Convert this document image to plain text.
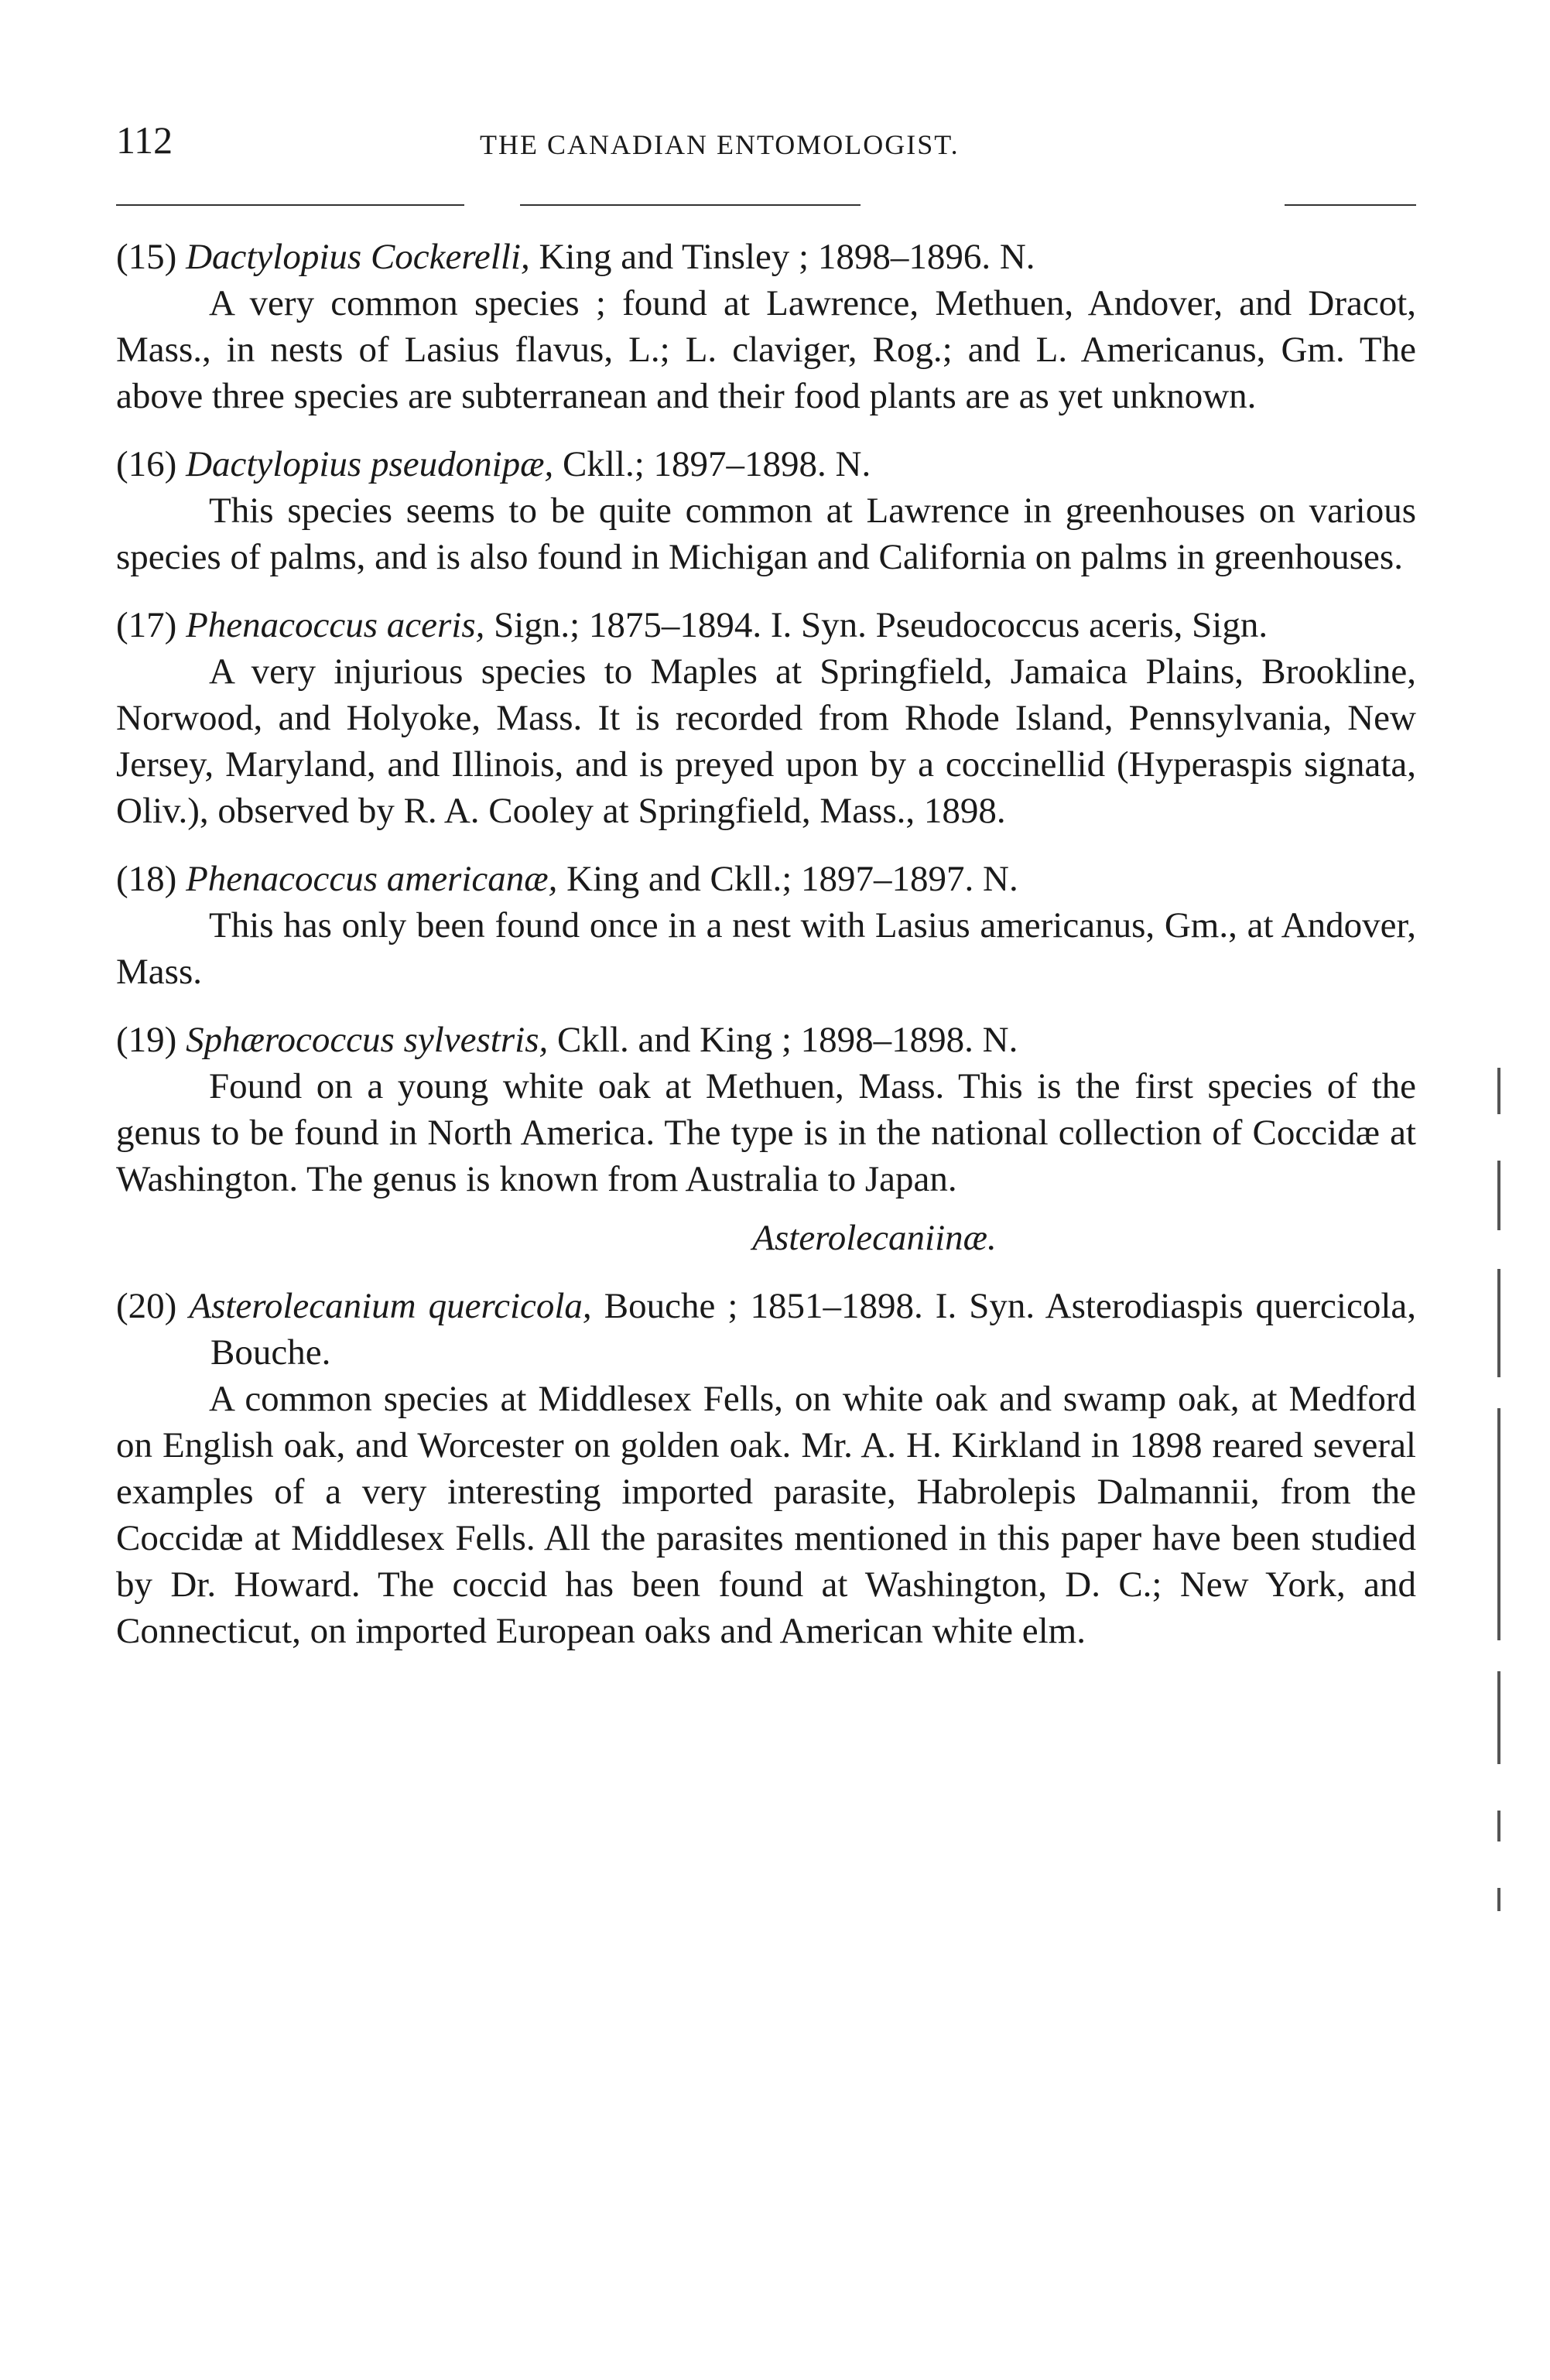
112	THE CANADIAN ENTOMOLOGIST.

(15) Dactylopius Cockerelli, King and Tinsley ; 1898–1896. N.

A very common species ; found at Lawrence, Methuen, Andover, and Dracot, Mass., in nests of Lasius flavus, L.; L. claviger, Rog.; and L. Americanus, Gm. The above three species are subterranean and their food plants are as yet unknown.

(16) Dactylopius pseudonipæ, Ckll.; 1897–1898. N.

This species seems to be quite common at Lawrence in greenhouses on various species of palms, and is also found in Michigan and California on palms in greenhouses.

(17) Phenacoccus aceris, Sign.; 1875–1894. I. Syn. Pseudococcus aceris, Sign.

A very injurious species to Maples at Springfield, Jamaica Plains, Brookline, Norwood, and Holyoke, Mass. It is recorded from Rhode Island, Pennsylvania, New Jersey, Maryland, and Illinois, and is preyed upon by a coccinellid (Hyperaspis signata, Oliv.), observed by R. A. Cooley at Springfield, Mass., 1898.

(18) Phenacoccus americanæ, King and Ckll.; 1897–1897. N.

This has only been found once in a nest with Lasius americanus, Gm., at Andover, Mass.

(19) Sphærococcus sylvestris, Ckll. and King ; 1898–1898. N.

Found on a young white oak at Methuen, Mass. This is the first species of the genus to be found in North America. The type is in the national collection of Coccidæ at Washington. The genus is known from Australia to Japan.

Asterolecaniinæ.

(20) Asterolecanium quercicola, Bouche ; 1851–1898. I. Syn. Asterodiaspis quercicola, Bouche.

A common species at Middlesex Fells, on white oak and swamp oak, at Medford on English oak, and Worcester on golden oak. Mr. A. H. Kirkland in 1898 reared several examples of a very interesting imported parasite, Habrolepis Dalmannii, from the Coccidæ at Middlesex Fells. All the parasites mentioned in this paper have been studied by Dr. Howard. The coccid has been found at Washington, D. C.; New York, and Connecticut, on imported European oaks and American white elm.
